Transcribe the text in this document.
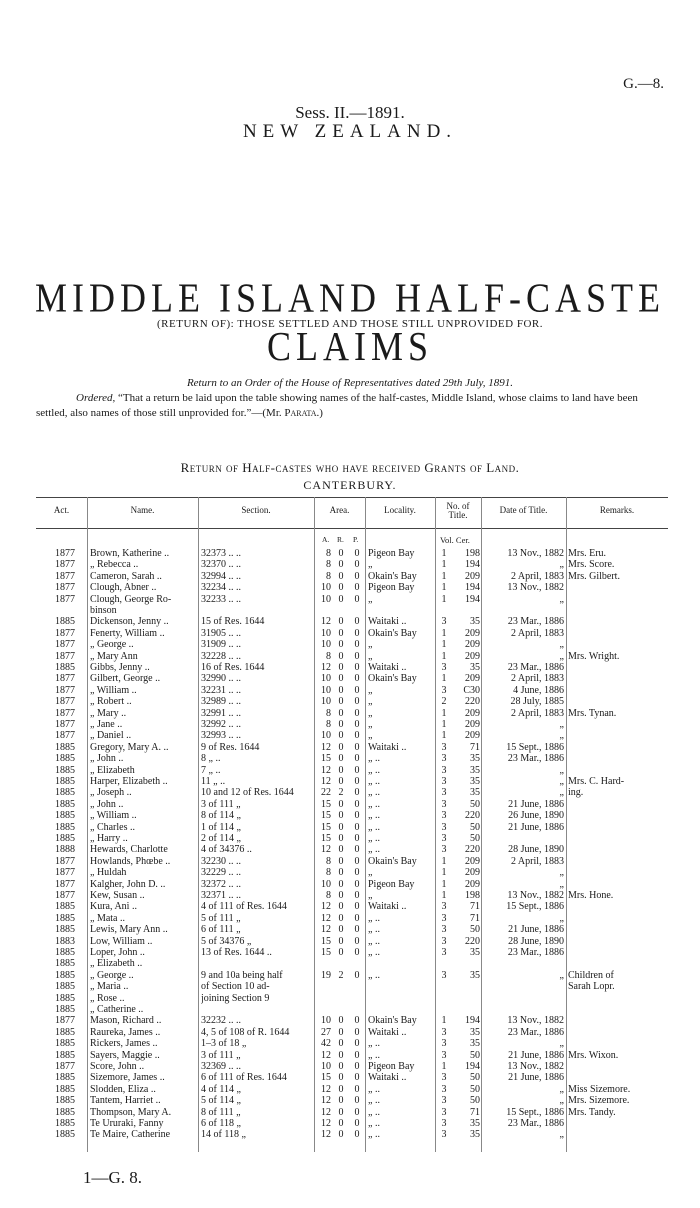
G.—8.
Sess. II.—1891.
NEW ZEALAND.
MIDDLE ISLAND HALF-CASTE CLAIMS
(RETURN OF): THOSE SETTLED AND THOSE STILL UNPROVIDED FOR.
Return to an Order of the House of Representatives dated 29th July, 1891.
Ordered, “That a return be laid upon the table showing names of the half-castes, Middle Island, whose claims to land have been settled, also names of those still unprovided for.”—(Mr. Parata.)
Return of Half-castes who have received Grants of Land.
CANTERBURY.
Act.	Name.	Section.	Area.	Locality.	No. of Title.	Date of Title.	Remarks.
A. R. P.	Vol. Cer.
1877 Brown, Katherine ..	32373 .. ..	8 0 0 Pigeon Bay	1	198	13 Nov., 1882 Mrs. Eru.
1877 „ Rebecca ..	32370 .. ..	8 0 0 „	1	194	„ Mrs. Score.
1877 Cameron, Sarah ..	32994 .. ..	8 0 0 Okain's Bay	1	209	2 April, 1883 Mrs. Gilbert.
1877 Clough, Abner ..	32234 .. ..	10 0 0 Pigeon Bay	1	194	13 Nov., 1882
1877 Clough, George Ro-	32233 .. ..	10 0 0 „	1	194	„
binson
1885 Dickenson, Jenny ..	15 of Res. 1644	12 0 0 Waitaki ..	3	35	23 Mar., 1886
1877 Fenerty, William ..	31905 .. ..	10 0 0 Okain's Bay	1	209	2 April, 1883
1877 „ George ..	31909 .. ..	10 0 0 „	1	209	„
1877 „ Mary Ann	32228 .. ..	8 0 0 „	1	209	„ Mrs. Wright.
1885 Gibbs, Jenny ..	16 of Res. 1644	12 0 0 Waitaki ..	3	35	23 Mar., 1886
1877 Gilbert, George ..	32990 .. ..	10 0 0 Okain's Bay	1	209	2 April, 1883
1877 „ William ..	32231 .. ..	10 0 0 „	3	C30	4 June, 1886
1877 „ Robert ..	32989 .. ..	10 0 0 „	2	220	28 July, 1885
1877 „ Mary ..	32991 .. ..	8 0 0 „	1	209	2 April, 1883 Mrs. Tynan.
1877 „ Jane ..	32992 .. ..	8 0 0 „	1	209	„
1877 „ Daniel ..	32993 .. ..	10 0 0 „	1	209	„
1885 Gregory, Mary A. ..	9 of Res. 1644	12 0 0 Waitaki ..	3	71	15 Sept., 1886
1885 „ John ..	8 „ ..	15 0 0 „ ..	3	35	23 Mar., 1886
1885 „ Elizabeth	7 „ ..	12 0 0 „ ..	3	35	„
1885 Harper, Elizabeth ..	11 „ ..	12 0 0 „ ..	3	35	„ Mrs. C. Hard-
1885 „ Joseph ..	10 and 12 of Res. 1644	22 2 0 „ ..	3	35	„ ing.
1885 „ John ..	3 of 111 „	15 0 0 „ ..	3	50	21 June, 1886
1885 „ William ..	8 of 114 „	15 0 0 „ ..	3	220	26 June, 1890
1885 „ Charles ..	1 of 114 „	15 0 0 „ ..	3	50	21 June, 1886
1885 „ Harry ..	2 of 114 „	15 0 0 „ ..	3	50
1888 Hewards, Charlotte	4 of 34376 ..	12 0 0 „ ..	3	220	28 June, 1890
1877 Howlands, Phœbe ..	32230 .. ..	8 0 0 Okain's Bay	1	209	2 April, 1883
1877 „ Huldah	32229 .. ..	8 0 0 „	1	209	„
1877 Kalgher, John D. ..	32372 .. ..	10 0 0 Pigeon Bay	1	209	„
1877 Kew, Susan ..	32371 .. ..	8 0 0 „	1	198	13 Nov., 1882 Mrs. Hone.
1885 Kura, Ani ..	4 of 111 of Res. 1644	12 0 0 Waitaki ..	3	71	15 Sept., 1886
1885 „ Mata ..	5 of 111 „	12 0 0 „ ..	3	71	„
1885 Lewis, Mary Ann ..	6 of 111 „	12 0 0 „ ..	3	50	21 June, 1886
1883 Low, William ..	5 of 34376 „	15 0 0 „ ..	3	220	28 June, 1890
1885 Loper, John ..	13 of Res. 1644 ..	15 0 0 „ ..	3	35	23 Mar., 1886
1885 „ Elizabeth ..
1885 „ George ..	9 and 10a being half	19 2 0 „ ..	3	35	„ Children of
1885 „ Maria ..	of Section 10 ad-	Sarah Lopr.
1885 „ Rose ..	joining Section 9
1885 „ Catherine ..
1877 Mason, Richard ..	32232 .. ..	10 0 0 Okain's Bay	1	194	13 Nov., 1882
1885 Raureka, James ..	4, 5 of 108 of R. 1644	27 0 0 Waitaki ..	3	35	23 Mar., 1886
1885 Rickers, James ..	1–3 of 18 „	42 0 0 „ ..	3	35	„
1885 Sayers, Maggie ..	3 of 111 „	12 0 0 „ ..	3	50	21 June, 1886 Mrs. Wixon.
1877 Score, John ..	32369 .. ..	10 0 0 Pigeon Bay	1	194	13 Nov., 1882
1885 Sizemore, James ..	6 of 111 of Res. 1644	15 0 0 Waitaki ..	3	50	21 June, 1886
1885 Slodden, Eliza ..	4 of 114 „	12 0 0 „ ..	3	50	„ Miss Sizemore.
1885 Tantem, Harriet ..	5 of 114 „	12 0 0 „ ..	3	50	„ Mrs. Sizemore.
1885 Thompson, Mary A.	8 of 111 „	12 0 0 „ ..	3	71	15 Sept., 1886 Mrs. Tandy.
1885 Te Ururaki, Fanny	6 of 118 „	12 0 0 „ ..	3	35	23 Mar., 1886
1885 Te Maire, Catherine	14 of 118 „	12 0 0 „ ..	3	35	„
1—G. 8.
